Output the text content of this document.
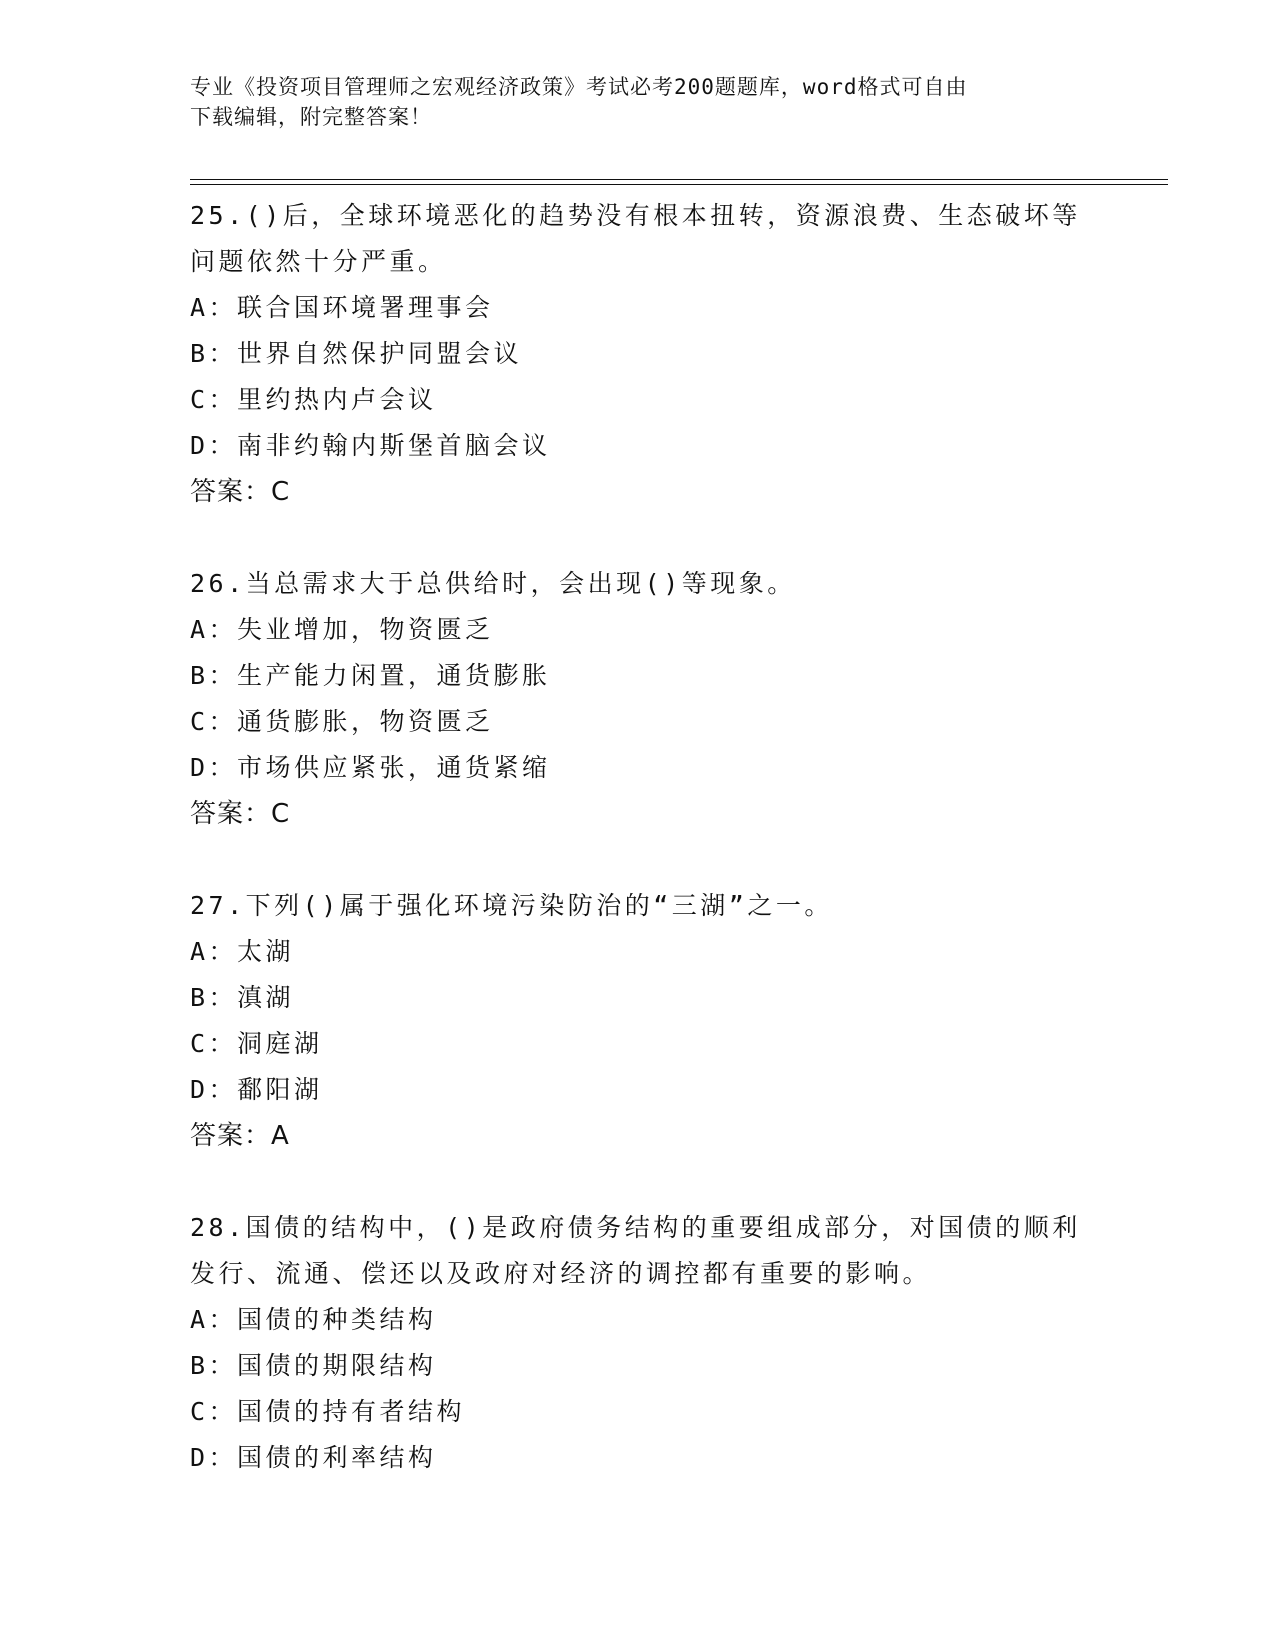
专业《投资项目管理师之宏观经济政策》考试必考200题题库，word格式可自由
下载编辑，附完整答案！
25.()后，全球环境恶化的趋势没有根本扭转，资源浪费、生态破坏等
问题依然十分严重。
A：联合国环境署理事会
B：世界自然保护同盟会议
C：里约热内卢会议
D：南非约翰内斯堡首脑会议
答案：C
26.当总需求大于总供给时，会出现()等现象。
A：失业增加，物资匮乏
B：生产能力闲置，通货膨胀
C：通货膨胀，物资匮乏
D：市场供应紧张，通货紧缩
答案：C
27.下列()属于强化环境污染防治的“三湖”之一。
A：太湖
B：滇湖
C：洞庭湖
D：鄱阳湖
答案：A
28.国债的结构中，()是政府债务结构的重要组成部分，对国债的顺利
发行、流通、偿还以及政府对经济的调控都有重要的影响。
A：国债的种类结构
B：国债的期限结构
C：国债的持有者结构
D：国债的利率结构
